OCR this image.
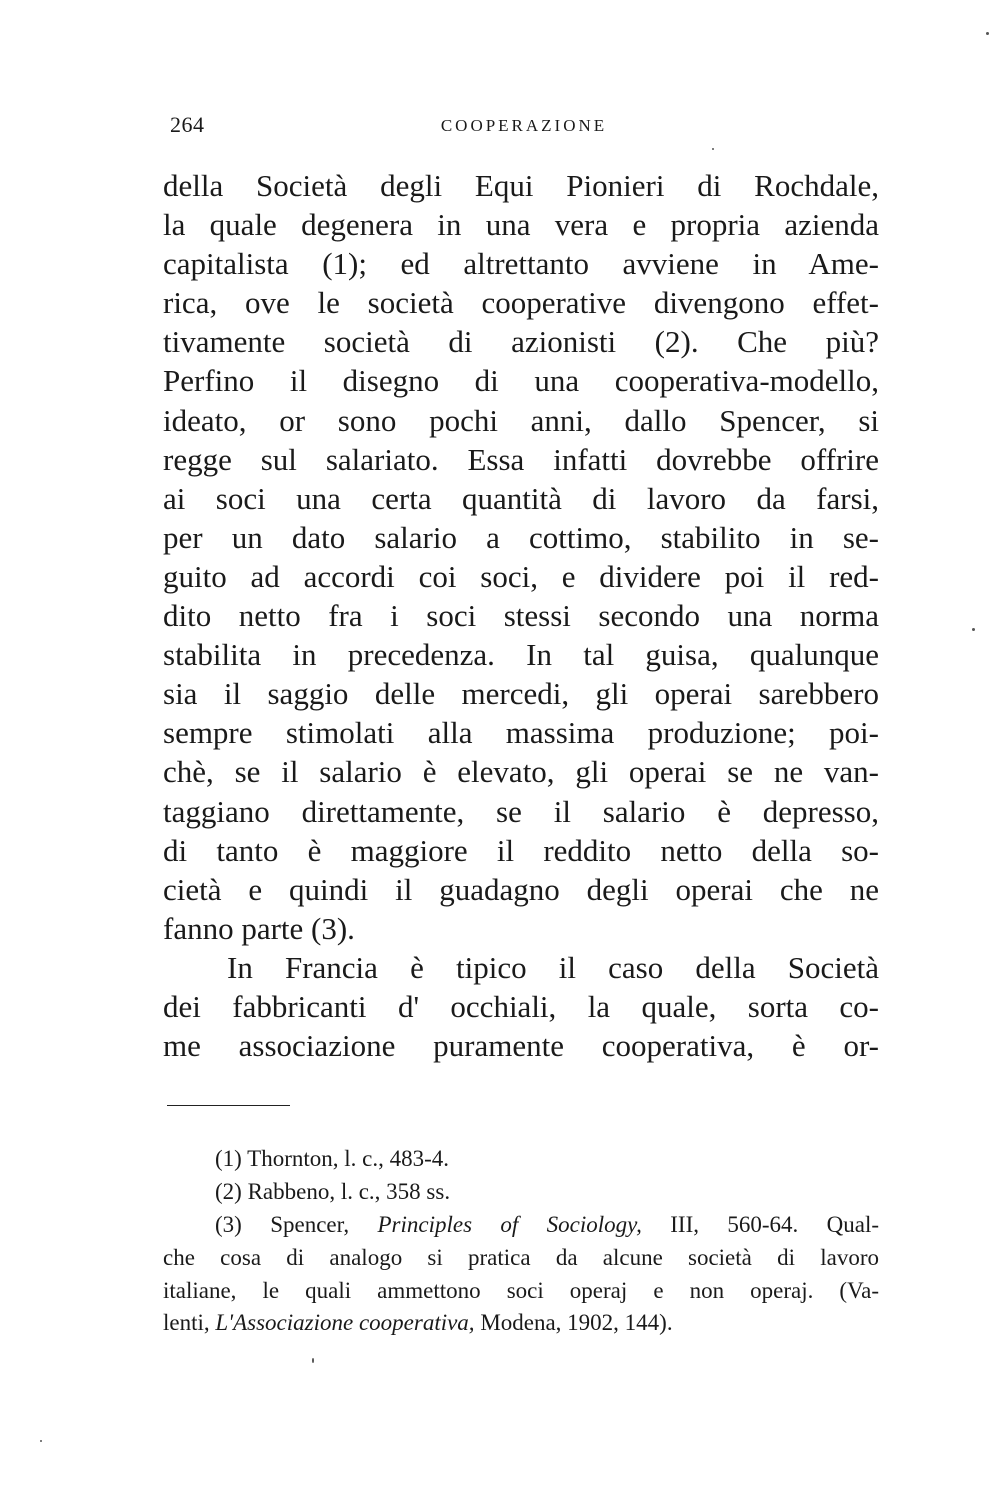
264	COOPERAZIONE
della Società degli Equi Pionieri di Rochdale,
la quale degenera in una vera e propria azienda
capitalista (1); ed altrettanto avviene in Ame-
rica, ove le società cooperative divengono effet-
tivamente società di azionisti (2). Che più?
Perfino il disegno di una cooperativa-modello,
ideato, or sono pochi anni, dallo Spencer, si
regge sul salariato. Essa infatti dovrebbe offrire
ai soci una certa quantità di lavoro da farsi,
per un dato salario a cottimo, stabilito in se-
guito ad accordi coi soci, e dividere poi il red-
dito netto fra i soci stessi secondo una norma
stabilita in precedenza. In tal guisa, qualunque
sia il saggio delle mercedi, gli operai sarebbero
sempre stimolati alla massima produzione; poi-
chè, se il salario è elevato, gli operai se ne van-
taggiano direttamente, se il salario è depresso,
di tanto è maggiore il reddito netto della so-
cietà e quindi il guadagno degli operai che ne
fanno parte (3).
In Francia è tipico il caso della Società
dei fabbricanti d' occhiali, la quale, sorta co-
me associazione puramente cooperativa, è or-
(1) Thornton, l. c., 483-4.
(2) Rabbeno, l. c., 358 ss.
(3) Spencer, Principles of Sociology, III, 560-64. Qual-
che cosa di analogo si pratica da alcune società di lavoro
italiane, le quali ammettono soci operaj e non operaj. (Va-
lenti, L'Associazione cooperativa, Modena, 1902, 144).
